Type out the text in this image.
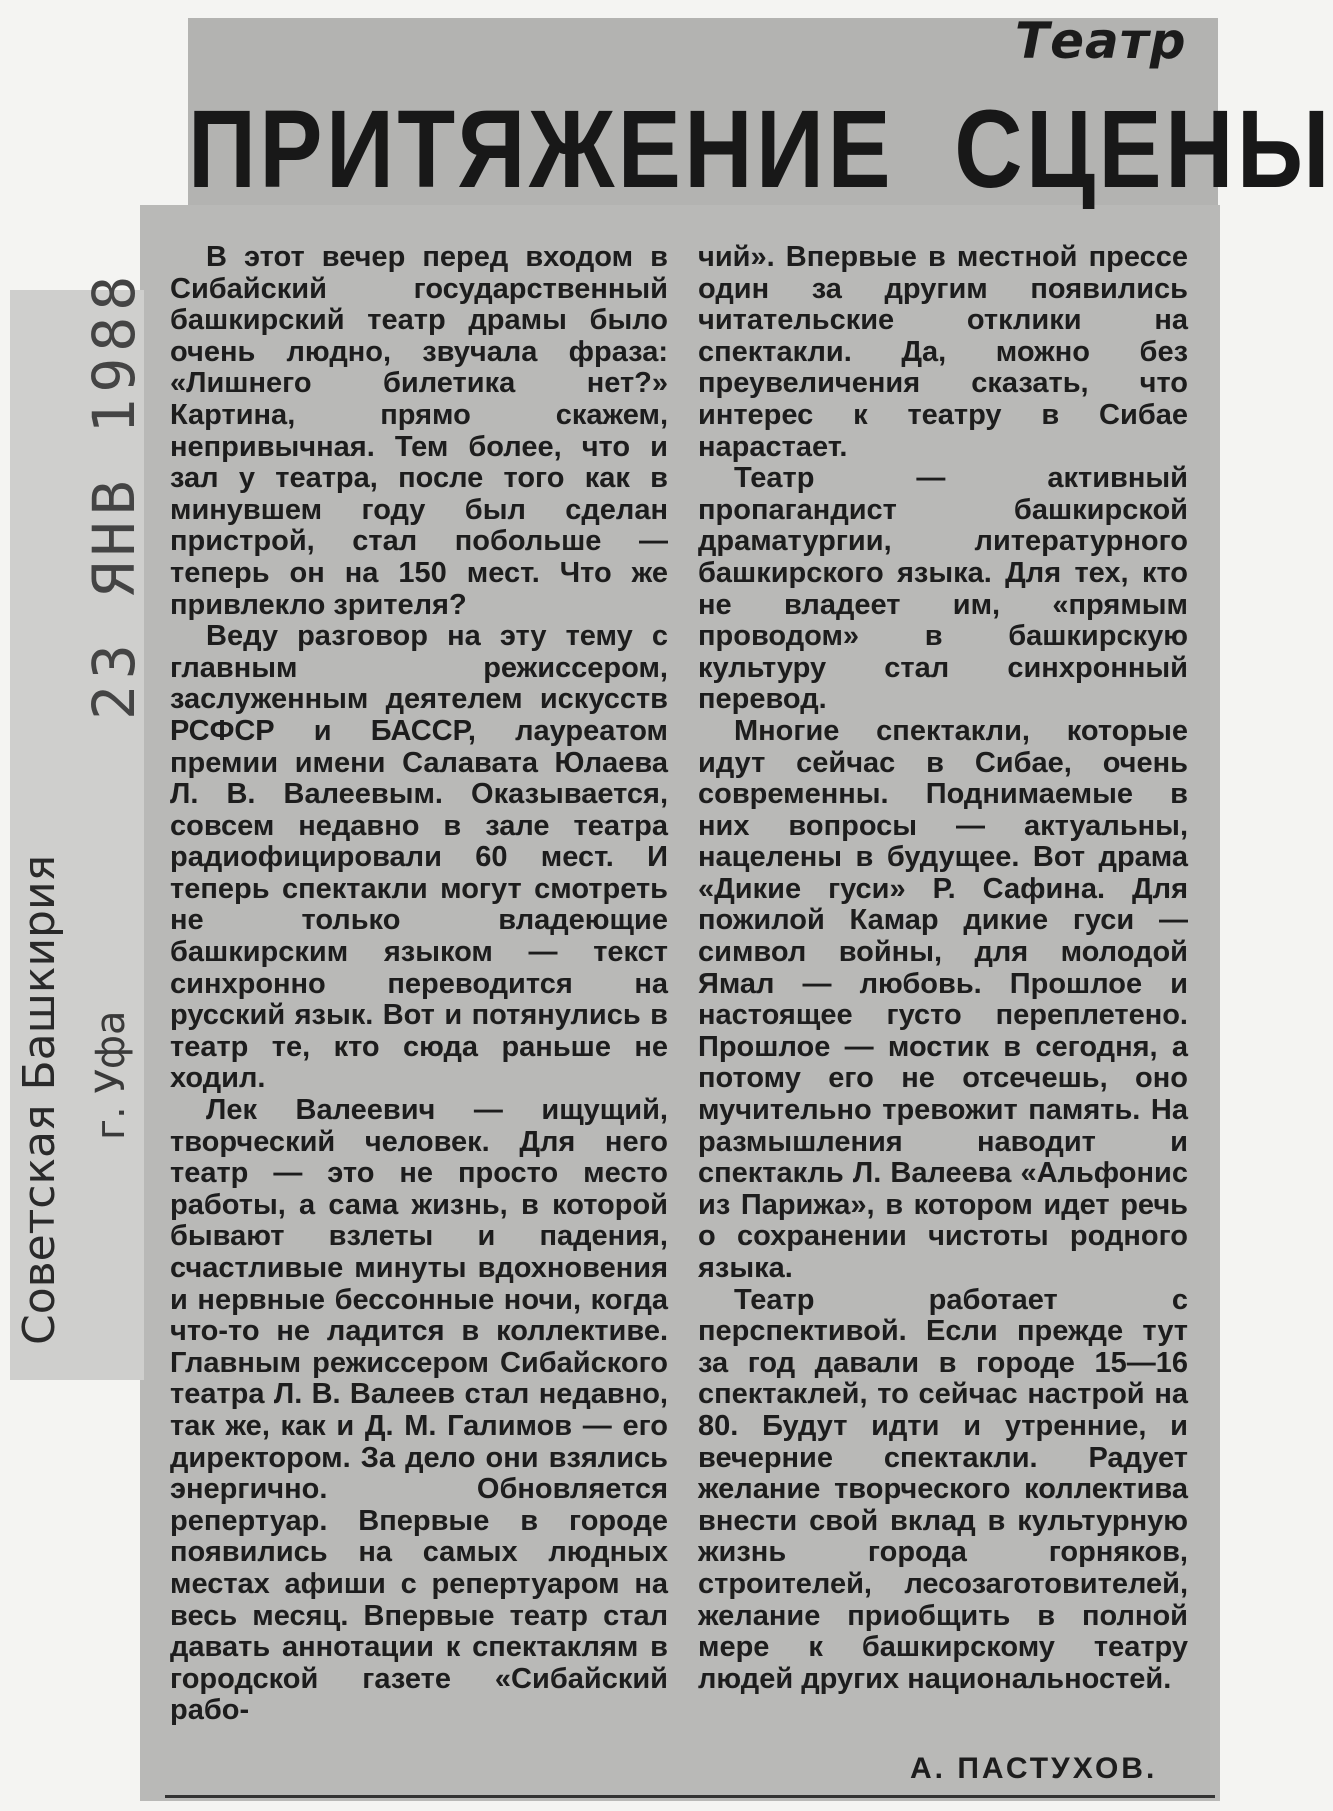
Театр
ПРИТЯЖЕНИЕ СЦЕНЫ
Советская Башкирия г. Уфа
23 ЯНВ 1988

В этот вечер перед входом в Сибайский государственный башкирский театр драмы было очень людно, звучала фраза: «Лишнего билетика нет?» Картина, прямо скажем, непривычная. Тем более, что и зал у театра, после того как в минувшем году был сделан пристрой, стал побольше — теперь он на 150 мест. Что же привлекло зрителя?

Веду разговор на эту тему с главным режиссером, заслуженным деятелем искусств РСФСР и БАССР, лауреатом премии имени Салавата Юлаева Л. В. Валеевым. Оказывается, совсем недавно в зале театра радиофицировали 60 мест. И теперь спектакли могут смотреть не только владеющие башкирским языком — текст синхронно переводится на русский язык. Вот и потянулись в театр те, кто сюда раньше не ходил.

Лек Валеевич — ищущий, творческий человек. Для него театр — это не просто место работы, а сама жизнь, в которой бывают взлеты и падения, счастливые минуты вдохновения и нервные бессонные ночи, когда что-то не ладится в коллективе. Главным режиссером Сибайского театра Л. В. Валеев стал недавно, так же, как и Д. М. Галимов — его директором. За дело они взялись энергично. Обновляется репертуар. Впервые в городе появились на самых людных местах афиши с репертуаром на весь месяц. Впервые театр стал давать аннотации к спектаклям в городской газете «Сибайский рабо-

чий». Впервые в местной прессе один за другим появились читательские отклики на спектакли. Да, можно без преувеличения сказать, что интерес к театру в Сибае нарастает.

Театр — активный пропагандист башкирской драматургии, литературного башкирского языка. Для тех, кто не владеет им, «прямым проводом» в башкирскую культуру стал синхронный перевод.

Многие спектакли, которые идут сейчас в Сибае, очень современны. Поднимаемые в них вопросы — актуальны, нацелены в будущее. Вот драма «Дикие гуси» Р. Сафина. Для пожилой Камар дикие гуси — символ войны, для молодой Ямал — любовь. Прошлое и настоящее густо переплетено. Прошлое — мостик в сегодня, а потому его не отсечешь, оно мучительно тревожит память. На размышления наводит и спектакль Л. Валеева «Альфонис из Парижа», в котором идет речь о сохранении чистоты родного языка.

Театр работает с перспективой. Если прежде тут за год давали в городе 15—16 спектаклей, то сейчас настрой на 80. Будут идти и утренние, и вечерние спектакли. Радует желание творческого коллектива внести свой вклад в культурную жизнь города горняков, строителей, лесозаготовителей, желание приобщить в полной мере к башкирскому театру людей других национальностей.

А. ПАСТУХОВ.
